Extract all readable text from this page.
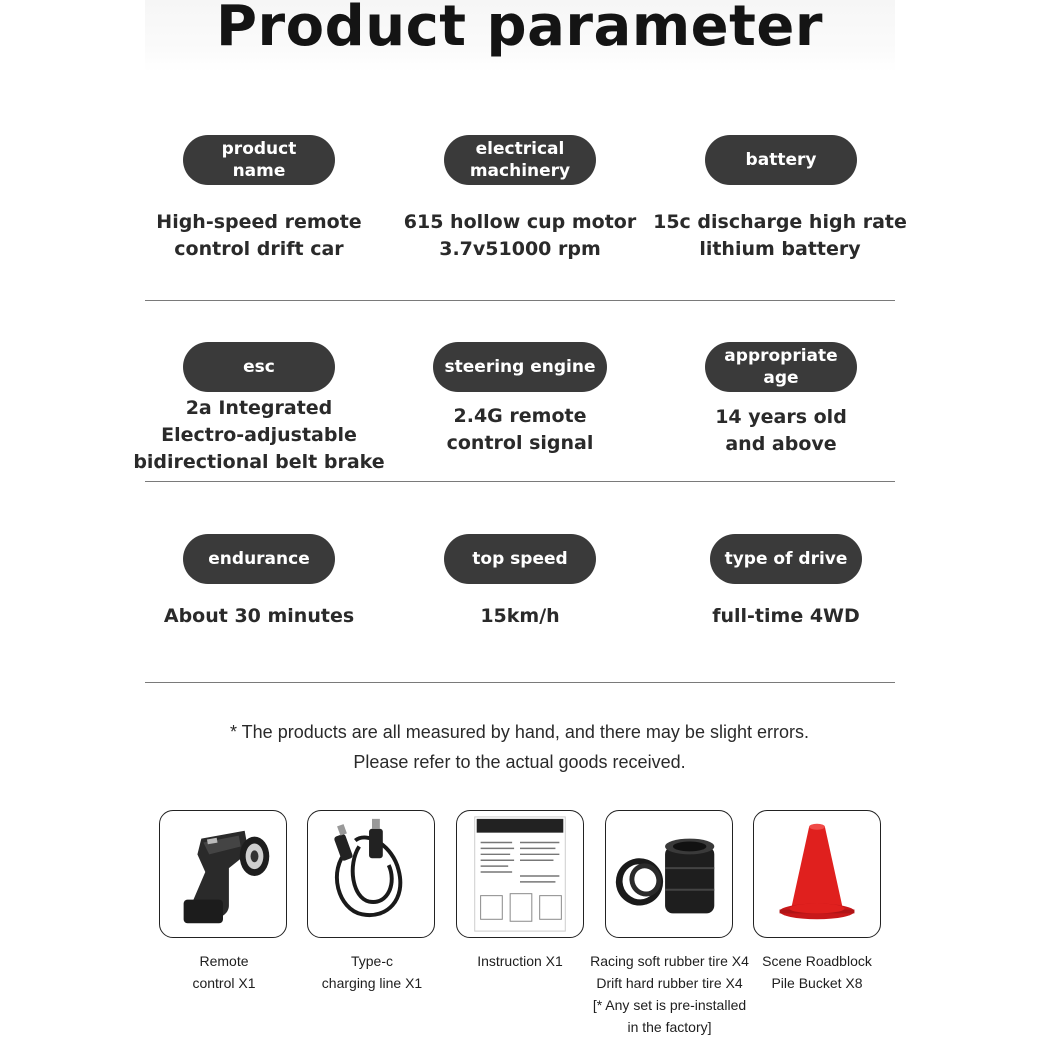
Product parameter
product name
High-speed remote
control drift car
electrical
machinery
615 hollow cup motor
3.7v51000 rpm
battery
15c discharge high rate
lithium battery
esc
2a Integrated
Electro-adjustable
bidirectional belt brake
steering engine
2.4G remote
control signal
appropriate age
14 years old
and above
endurance
About 30 minutes
top speed
15km/h
type of drive
full-time 4WD
* The products are all measured by hand, and there may be slight errors.
Please refer to the actual goods received.
Remote
control X1
Type-c
charging line X1
Instruction X1	Racing soft rubber tire X4
Drift hard rubber tire X4
[* Any set is pre-installed
in the factory]
Scene Roadblock
Pile Bucket X8
